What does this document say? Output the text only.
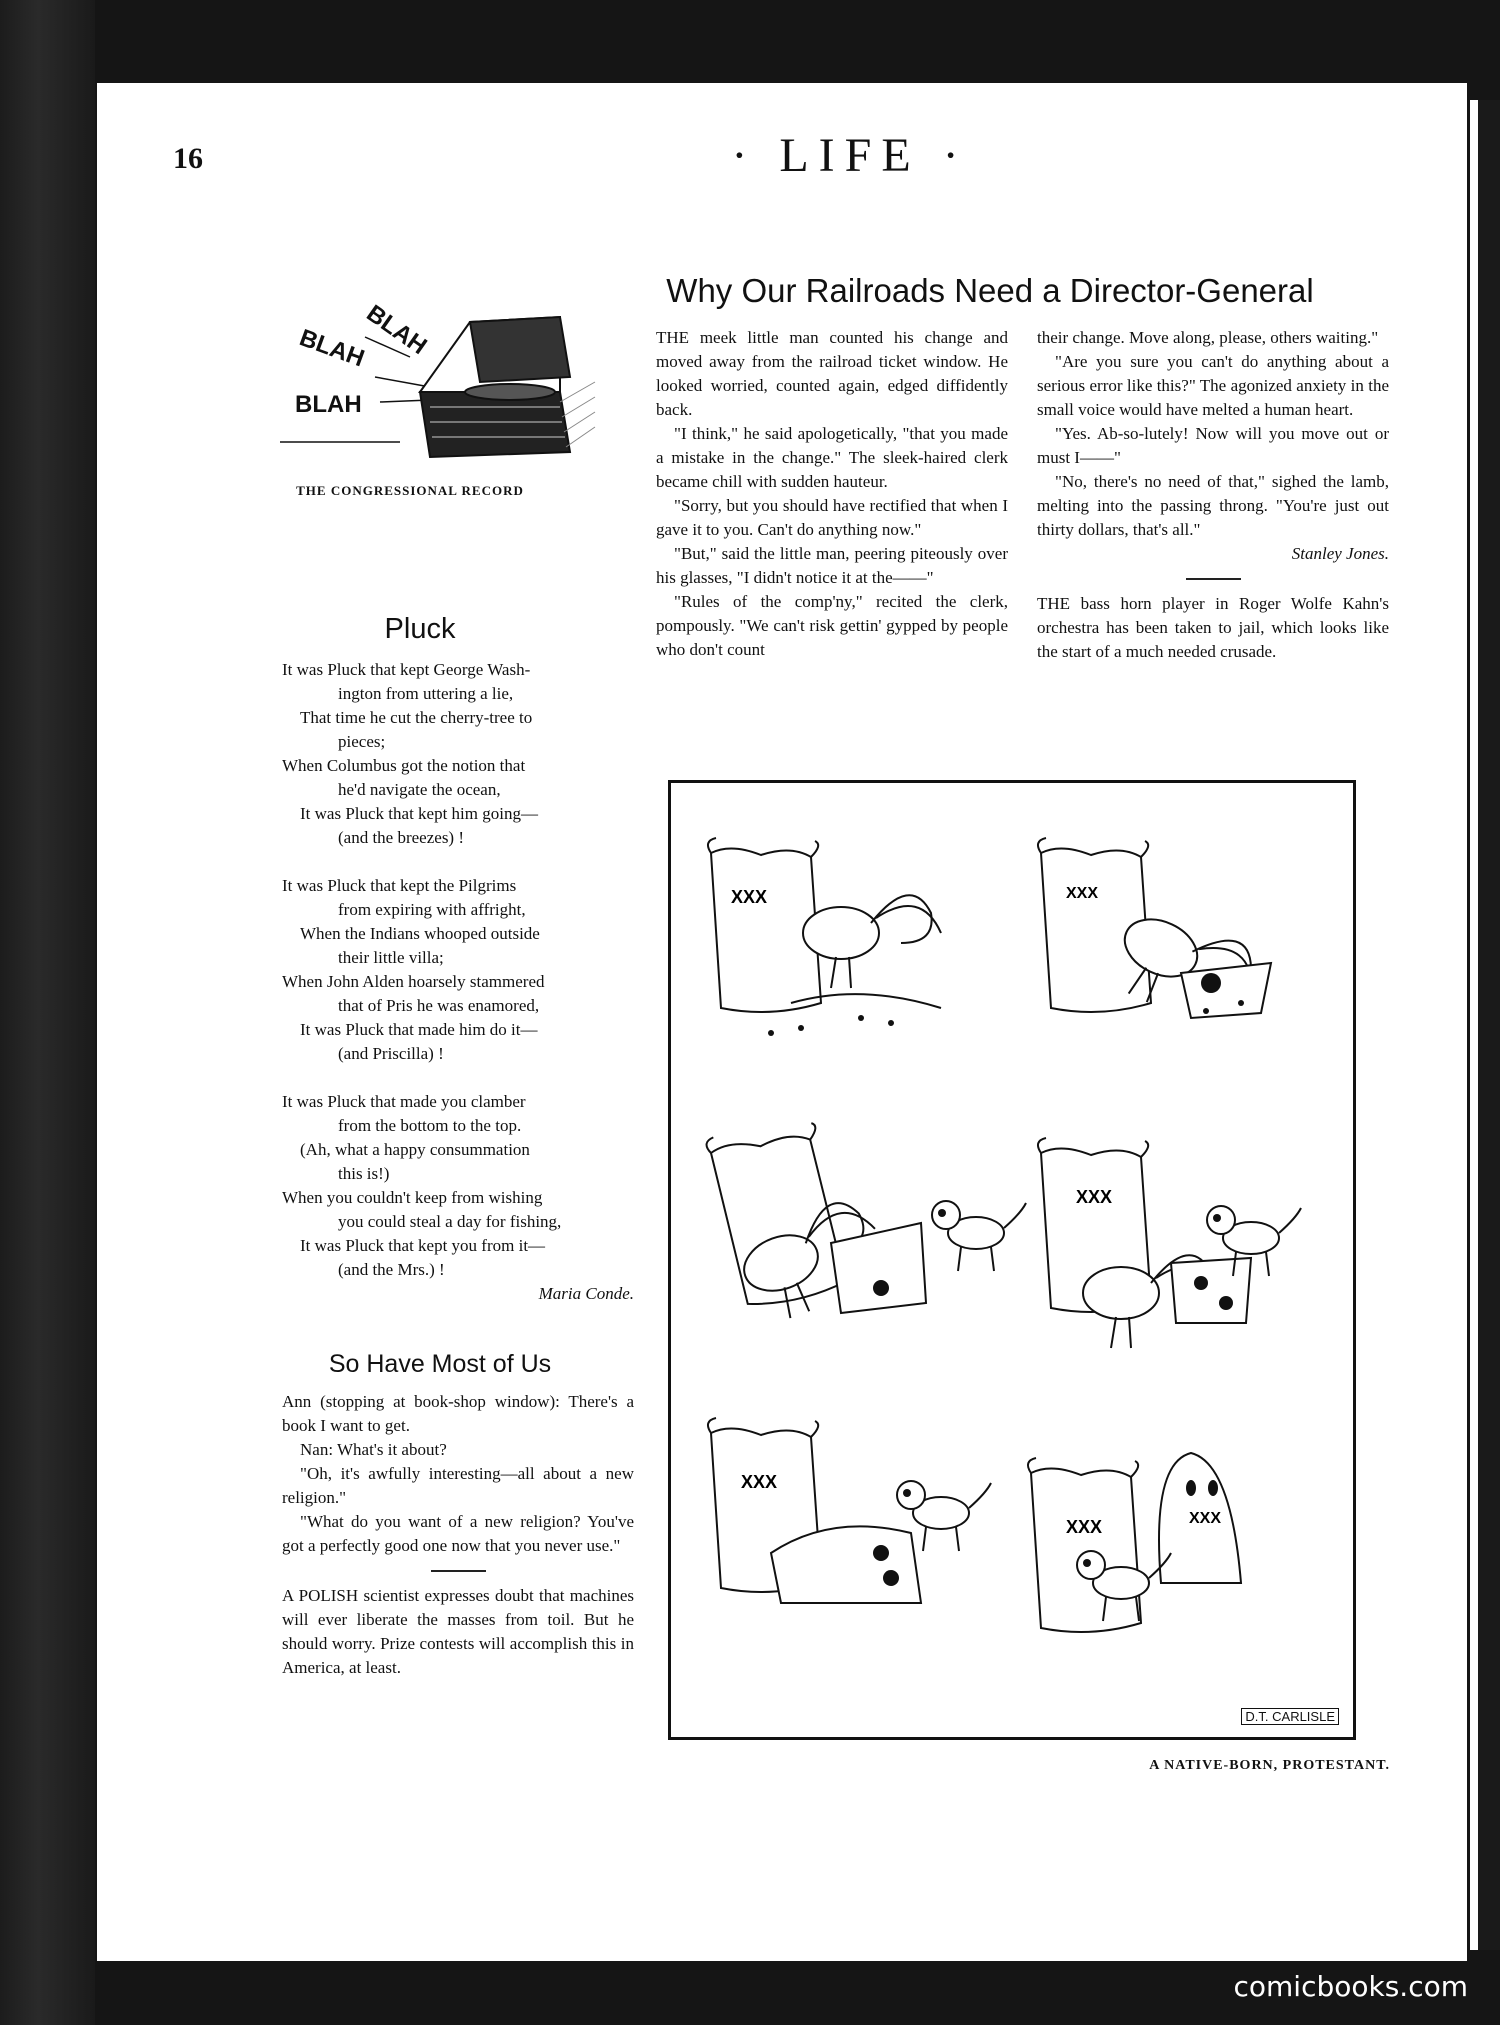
16	· LIFE ·
BLAH
BLAH
BLAH
THE CONGRESSIONAL RECORD
Pluck
It was Pluck that kept George Wash-
ington from uttering a lie,
That time he cut the cherry-tree to
pieces;
When Columbus got the notion that
he'd navigate the ocean,
It was Pluck that kept him going—
(and the breezes) !

It was Pluck that kept the Pilgrims
from expiring with affright,
When the Indians whooped outside
their little villa;
When John Alden hoarsely stammered
that of Pris he was enamored,
It was Pluck that made him do it—
(and Priscilla) !

It was Pluck that made you clamber
from the bottom to the top.
(Ah, what a happy consummation
this is!)
When you couldn't keep from wishing
you could steal a day for fishing,
It was Pluck that kept you from it—
(and the Mrs.) !
Maria Conde.
So Have Most of Us

Ann (stopping at book-shop window): There's a book I want to get.

Nan: What's it about?

"Oh, it's awfully interesting—all about a new religion."

"What do you want of a new religion? You've got a perfectly good one now that you never use."

A POLISH scientist expresses doubt that machines will ever liberate the masses from toil. But he should worry. Prize contests will accomplish this in America, at least.

Why Our Railroads Need a Director-General

THE meek little man counted his change and moved away from the railroad ticket window. He looked worried, counted again, edged diffidently back.

"I think," he said apologetically, "that you made a mistake in the change." The sleek-haired clerk became chill with sudden hauteur.

"Sorry, but you should have rectified that when I gave it to you. Can't do anything now."

"But," said the little man, peering piteously over his glasses, "I didn't notice it at the——"

"Rules of the comp'ny," recited the clerk, pompously. "We can't risk gettin' gypped by people who don't count

their change. Move along, please, others waiting."

"Are you sure you can't do anything about a serious error like this?" The agonized anxiety in the small voice would have melted a human heart.

"Yes. Ab-so-lutely! Now will you move out or must I——"

"No, there's no need of that," sighed the lamb, melting into the passing throng. "You're just out thirty dollars, that's all."

Stanley Jones.

THE bass horn player in Roger Wolfe Kahn's orchestra has been taken to jail, which looks like the start of a much needed crusade.

XXX	XXX
XXX
XXX
XXX	XXX
D.T. CARLISLE
A NATIVE-BORN, PROTESTANT.
comicbooks.com
